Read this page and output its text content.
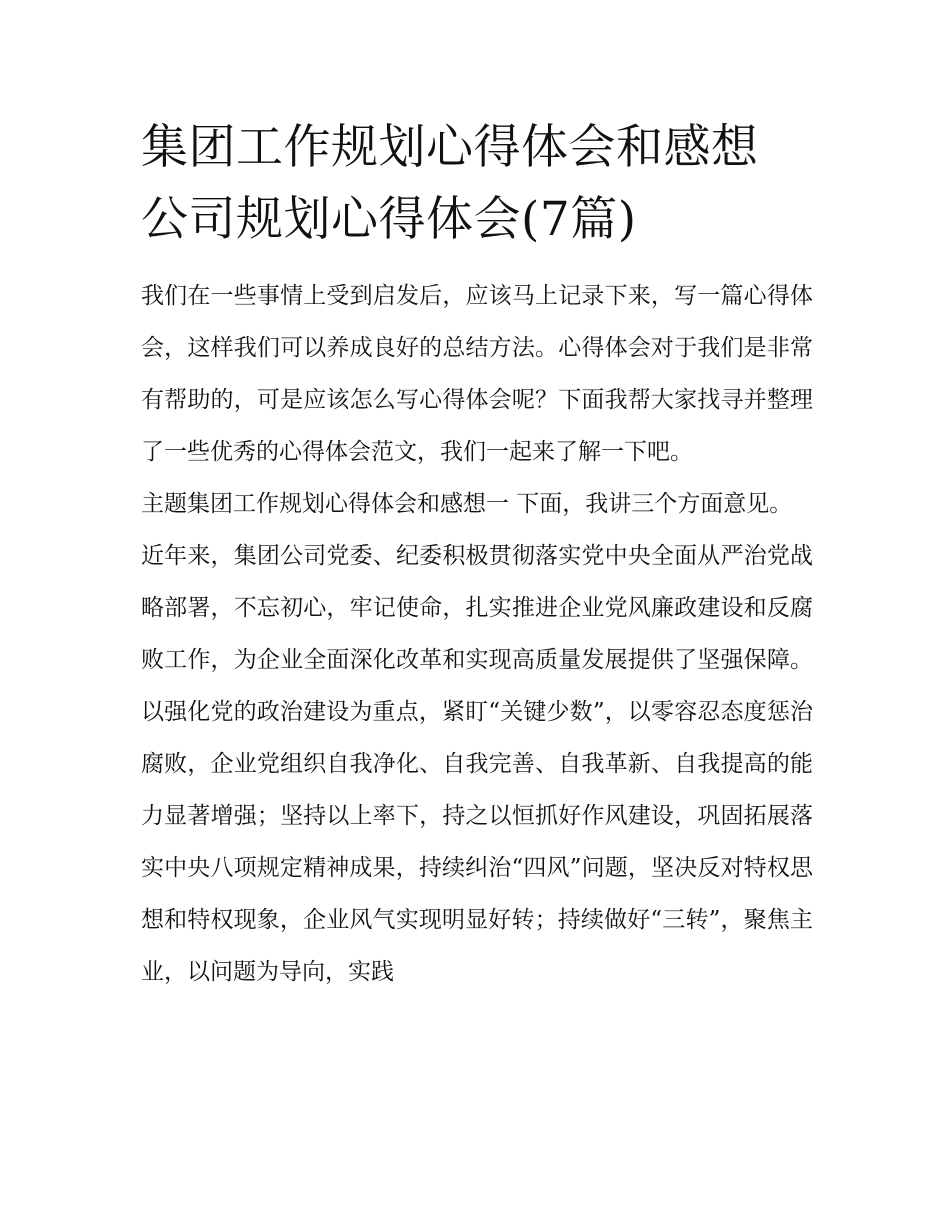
集团工作规划心得体会和感想
公司规划心得体会(7篇)

我们在一些事情上受到启发后，应该马上记录下来，写一篇心得体会，这样我们可以养成良好的总结方法。心得体会对于我们是非常有帮助的，可是应该怎么写心得体会呢？下面我帮大家找寻并整理了一些优秀的心得体会范文，我们一起来了解一下吧。

主题集团工作规划心得体会和感想一 下面，我讲三个方面意见。

近年来，集团公司党委、纪委积极贯彻落实党中央全面从严治党战略部署，不忘初心，牢记使命，扎实推进企业党风廉政建设和反腐败工作，为企业全面深化改革和实现高质量发展提供了坚强保障。以强化党的政治建设为重点，紧盯“关键少数”，以零容忍态度惩治腐败，企业党组织自我净化、自我完善、自我革新、自我提高的能力显著增强；坚持以上率下，持之以恒抓好作风建设，巩固拓展落实中央八项规定精神成果，持续纠治“四风”问题，坚决反对特权思想和特权现象，企业风气实现明显好转；持续做好“三转”，聚焦主业，以问题为导向，实践
